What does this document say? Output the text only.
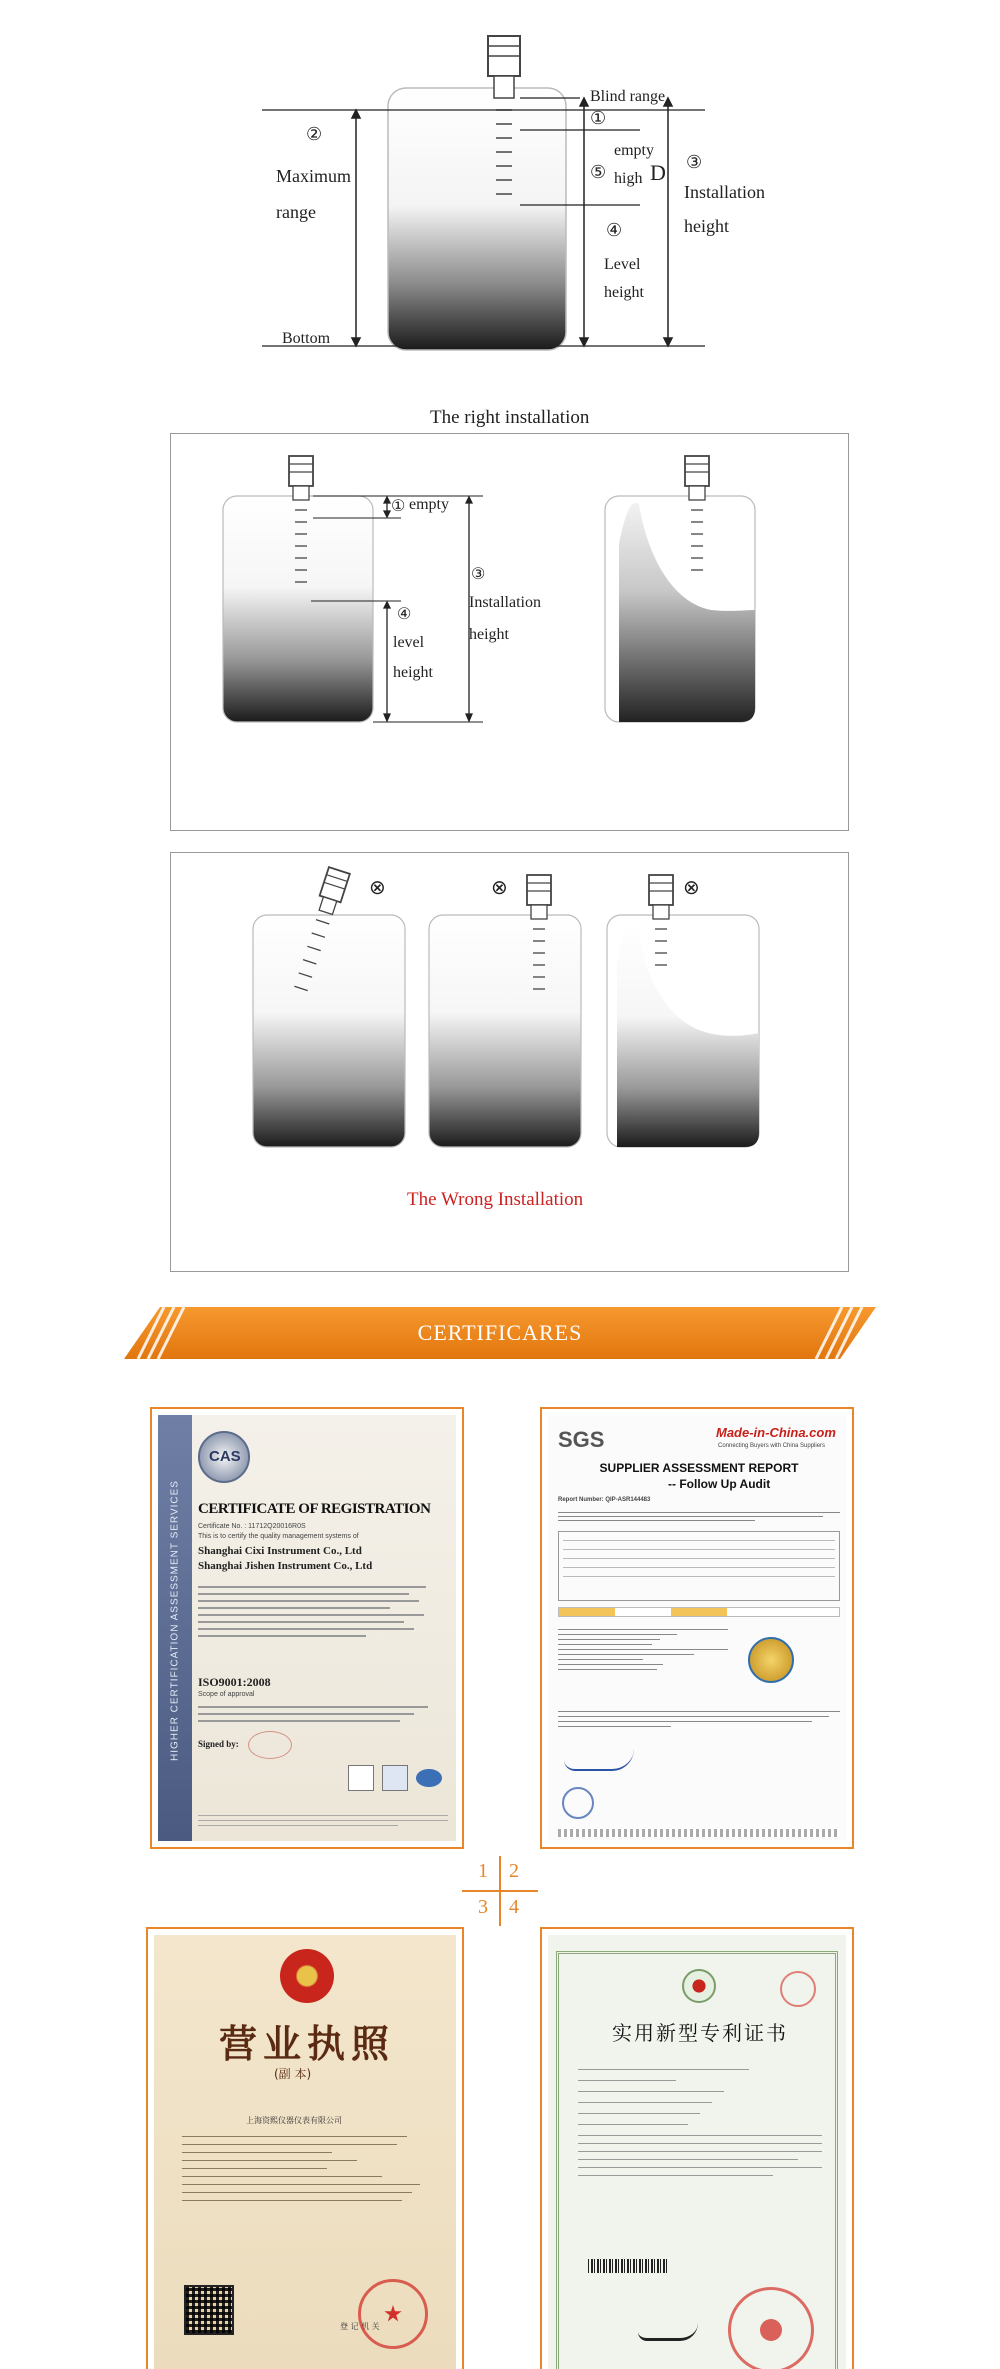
Blind range
②
Maximum
range
Bottom
①
empty
⑤ high D ③
Installation
height
④
Level
height
The right installation
① empty
③
Installation
height
④
level
height
⊗	⊗	⊗
The Wrong Installation
CERTIFICARES
HIGHER CERTIFICATION ASSESSMENT SERVICES
CAS
CERTIFICATE OF REGISTRATION
Certificate No. : 11712Q20016R0S
This is to certify the quality management systems of
Shanghai Cixi Instrument Co., Ltd
Shanghai Jishen Instrument Co., Ltd
ISO9001:2008
Scope of approval
Signed by:
SGS	Made-in-China.com
Connecting Buyers with China Suppliers
SUPPLIER ASSESSMENT REPORT
-- Follow Up Audit
Report Number: QIP-ASR144483
1 2
3 4
营业执照
(副 本)
上海资熙仪器仪表有限公司
登 记 机 关
实用新型专利证书
